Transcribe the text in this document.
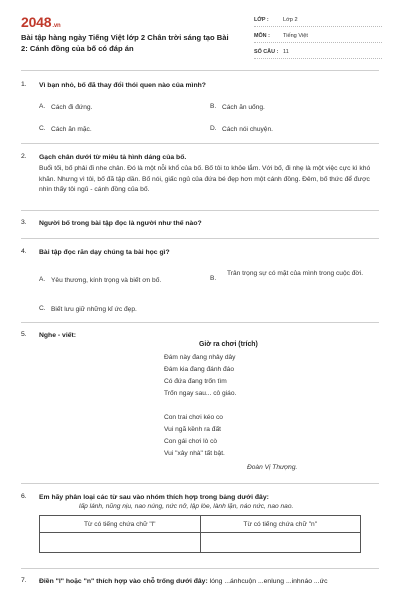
2048.vn
Bài tập hàng ngày Tiếng Việt lớp 2 Chân trời sáng tạo Bài 2: Cánh đồng của bố có đáp án
LỚP :	Lớp 2
MÔN :	Tiếng Việt
SỐ CÂU : 11
1. Vì bạn nhỏ, bố đã thay đổi thói quen nào của mình?
A. Cách đi đứng.	B. Cách ăn uống.
C. Cách ăn mặc.	D. Cách nói chuyện.
2. Gạch chân dưới từ miêu tả hình dáng của bố.
Buổi tối, bố phải đi nhe chân. Đó là một nỗi khổ của bố. Bố tôi to khỏe lắm. Với bố, đi nhẹ là một việc cực kì khó khăn. Nhưng vì tôi, bố đã tập dần. Bố nói, giấc ngủ của đứa bé đẹp hơn một cánh đồng. Đêm, bố thức để được nhìn thấy tôi ngủ - cánh đồng của bố.
3. Người bố trong bài tập đọc là người như thế nào?
4. Bài tập đọc răn dạy chúng ta bài học gì?
A. Yêu thương, kính trọng và biết ơn bố.	B.
Trân trọng sự có mặt của mình trong cuộc đời.
C. Biết lưu giữ những kỉ ức đẹp.
5. Nghe - viết:
Giờ ra chơi (trích)
Đám này đang nhảy dây
Đám kia đang đánh đáo
Có đứa đang trốn tìm
Trốn ngay sau... cô giáo.
Con trai chơi kéo co
Vui ngã kềnh ra đất
Con gái chơi lò cò
Vui "xây nhà" tất bật.
Đoàn Vị Thượng.
6. Em hãy phân loại các từ sau vào nhóm thích hợp trong bảng dưới đây:
lấp lánh, nũng nịu, nao núng, nức nở, lập lòe, lành lặn, náo nức, nao nao.
Từ có tiếng chứa chữ "l"	Từ có tiếng chứa chữ "n"

7. Điền "l" hoặc "n" thích hợp vào chỗ trống dưới đây: lóng ...ánhcuộn ...enlung ...inhnáo ...ức
